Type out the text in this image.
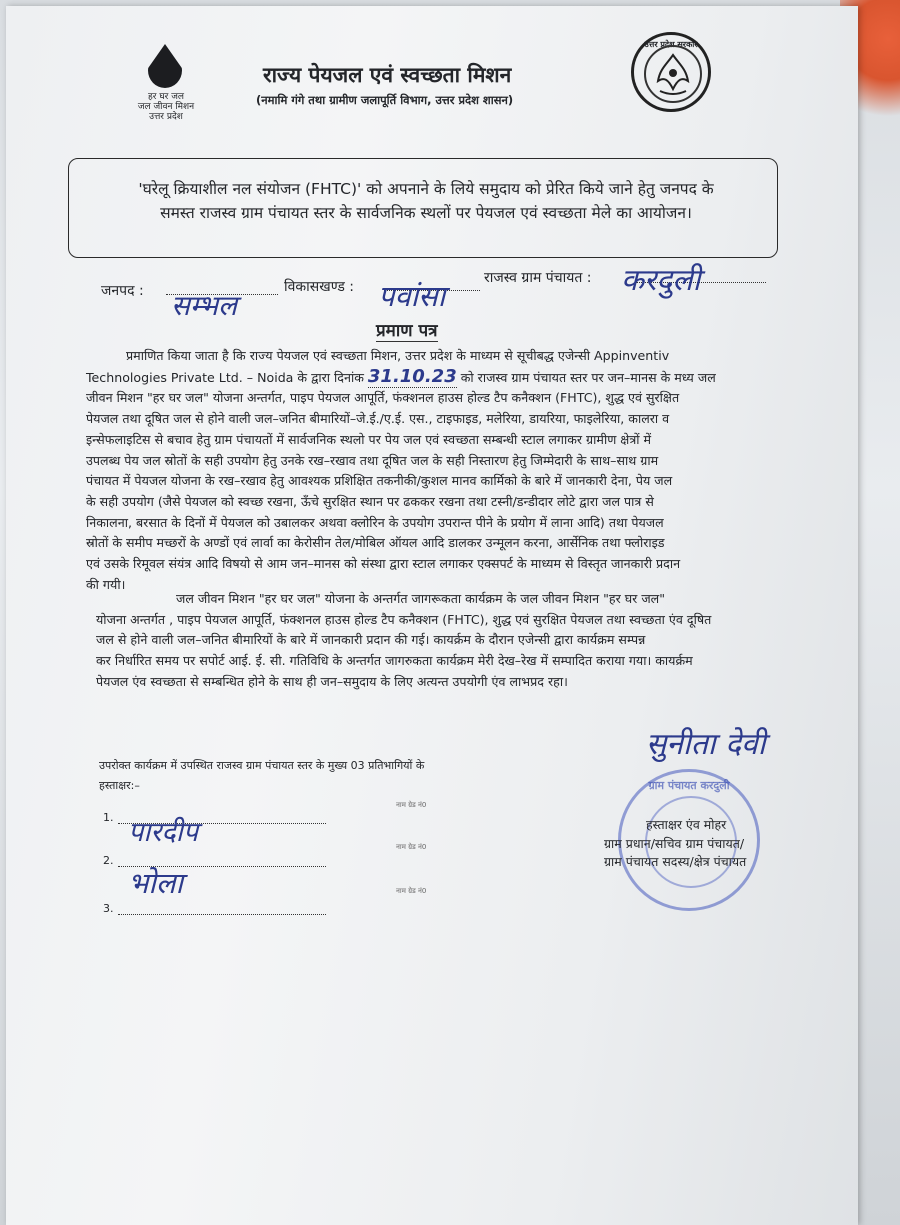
हर घर जल
जल जीवन मिशन
उत्तर प्रदेश
राज्य पेयजल एवं स्वच्छता मिशन
(नमामि गंगे तथा ग्रामीण जलापूर्ति विभाग, उत्तर प्रदेश शासन)
उत्तर प्रदेश सरकार
'घरेलू क्रियाशील नल संयोजन (FHTC)' को अपनाने के लिये समुदाय को प्रेरित किये जाने हेतु जनपद के
समस्त राजस्व ग्राम पंचायत स्तर के सार्वजनिक स्थलों पर पेयजल एवं स्वच्छता मेले का आयोजन।
जनपद : सम्भल
विकासखण्ड : पवांसा
राजस्व ग्राम पंचायत : करदुली
प्रमाण पत्र
प्रमाणित किया जाता है कि राज्य पेयजल एवं स्वच्छता मिशन, उत्तर प्रदेश के माध्यम से सूचीबद्ध एजेन्सी Appinventiv
Technologies Private Ltd. – Noida के द्वारा दिनांक 31.10.23 को राजस्व ग्राम पंचायत स्तर पर जन–मानस के मध्य जल
जीवन मिशन "हर घर जल" योजना अन्तर्गत, पाइप पेयजल आपूर्ति, फंक्शनल हाउस होल्ड टैप कनैक्शन (FHTC), शुद्ध एवं सुरक्षित
पेयजल तथा दूषित जल से होने वाली जल–जनित बीमारियों–जे.ई./ए.ई. एस., टाइफाइड, मलेरिया, डायरिया, फाइलेरिया, कालरा व
इन्सेफलाइटिस से बचाव हेतु ग्राम पंचायतों में सार्वजनिक स्थलो पर पेय जल एवं स्वच्छता सम्बन्धी स्टाल लगाकर ग्रामीण क्षेत्रों में
उपलब्ध पेय जल स्रोतों के सही उपयोग हेतु उनके रख–रखाव तथा दूषित जल के सही निस्तारण हेतु जिम्मेदारी के साथ–साथ ग्राम
पंचायत में पेयजल योजना के रख–रखाव हेतु आवश्यक प्रशिक्षित तकनीकी/कुशल मानव कार्मिको के बारे में जानकारी देना, पेय जल
के सही उपयोग (जैसे पेयजल को स्वच्छ रखना, ऊँचे सुरक्षित स्थान पर ढककर रखना तथा टस्नी/डन्डीदार लोटे द्वारा जल पात्र से
निकालना, बरसात के दिनों में पेयजल को उबालकर अथवा क्लोरिन के उपयोग उपरान्त पीने के प्रयोग में लाना आदि) तथा पेयजल
स्रोतों के समीप मच्छरों के अण्डों एवं लार्वा का केरोसीन तेल/मोबिल ऑयल आदि डालकर उन्मूलन करना, आर्सेनिक तथा फ्लोराइड
एवं उसके रिमूवल संयंत्र आदि विषयो से आम जन–मानस को संस्था द्वारा स्टाल लगाकर एक्सपर्ट के माध्यम से विस्तृत जानकारी प्रदान
की गयी।
जल जीवन मिशन "हर घर जल" योजना के अन्तर्गत जागरूकता कार्यक्रम के जल जीवन मिशन "हर घर जल"
योजना अन्तर्गत , पाइप पेयजल आपूर्ति, फंक्शनल हाउस होल्ड टैप कनैक्शन (FHTC), शुद्ध एवं सुरक्षित पेयजल तथा स्वच्छता एंव दूषित
जल से होने वाली जल–जनित बीमारियों के बारे में जानकारी प्रदान की गई। कायर्क्रम के दौरान एजेन्सी द्वारा कार्यक्रम सम्पन्न
कर निर्धारित समय पर सपोर्ट आई. ई. सी. गतिविधि के अन्तर्गत जागरुकता कार्यक्रम मेरी देख–रेख में सम्पादित कराया गया। कायर्क्रम
पेयजल एंव स्वच्छता से सम्बन्धित होने के साथ ही जन–समुदाय के लिए अत्यन्त उपयोगी एंव लाभप्रद रहा।
उपरोक्त कार्यक्रम में उपस्थित राजस्व ग्राम पंचायत स्तर के मुख्य 03 प्रतिभागियों के
हस्ताक्षर:–
1. पारदीप
नाम ग्रेड नं0
2.
भोला
नाम ग्रेड नं0
3.
नाम ग्रेड नं0
ग्राम पंचायत करदुली
सुनीता देवी
हस्ताक्षर एंव मोहर
ग्राम प्रधान/सचिव ग्राम पंचायत/
ग्राम पंचायत सदस्य/क्षेत्र पंचायत
